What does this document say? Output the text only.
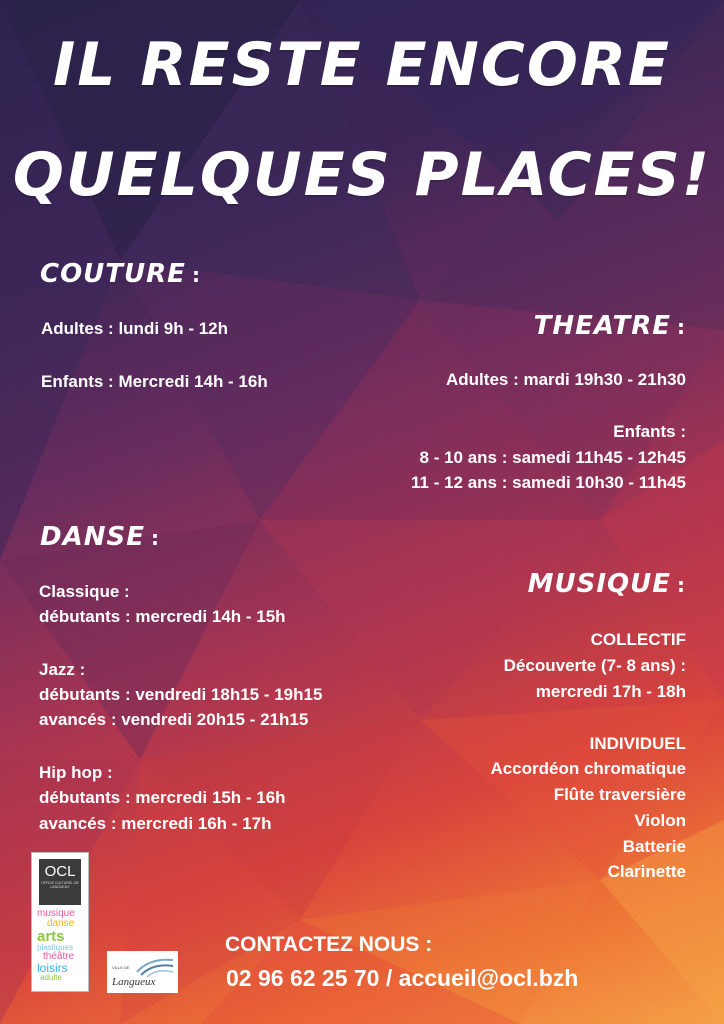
IL RESTE ENCORE
QUELQUES PLACES!
COUTURE :
Adultes : lundi 9h - 12h
Enfants : Mercredi 14h - 16h
THEATRE :
Adultes : mardi 19h30 - 21h30
Enfants :
8 - 10 ans : samedi 11h45 - 12h45
11 - 12 ans : samedi 10h30 - 11h45
DANSE :
Classique :
débutants : mercredi 14h - 15h
Jazz :
débutants : vendredi 18h15 - 19h15
avancés : vendredi 20h15 - 21h15
Hip hop :
débutants : mercredi 15h - 16h
avancés : mercredi 16h - 17h
MUSIQUE :
COLLECTIF
Découverte (7- 8 ans) :
mercredi 17h - 18h
INDIVIDUEL
Accordéon chromatique
Flûte traversière
Violon
Batterie
Clarinette
OCL
OFFICE CULTUREL DE LANGUEUX
musique
danse
arts
plastiques
théâtre
loisirs
adulte
VILLE DE
Langueux
CONTACTEZ NOUS :
02 96 62 25 70 / accueil@ocl.bzh
